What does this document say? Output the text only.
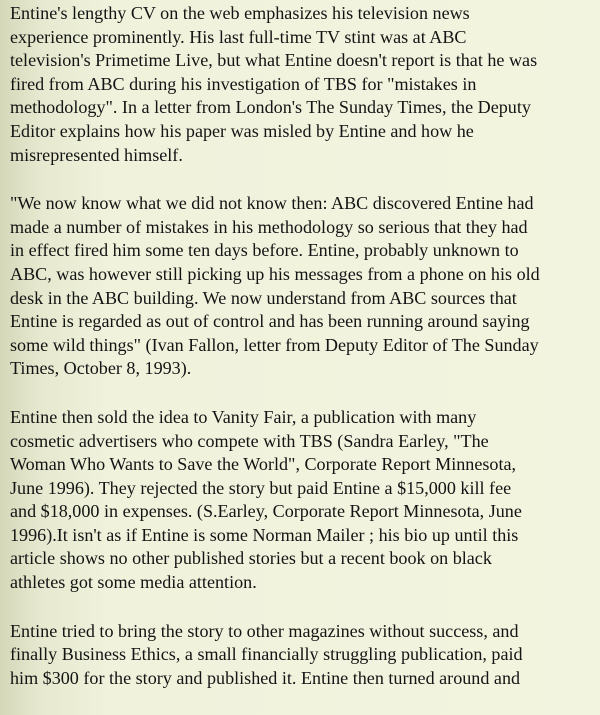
Entine's lengthy CV on the web emphasizes his television news
experience prominently. His last full-time TV stint was at ABC
television's Primetime Live, but what Entine doesn't report is that he was
fired from ABC during his investigation of TBS for "mistakes in
methodology". In a letter from London's The Sunday Times, the Deputy
Editor explains how his paper was misled by Entine and how he
misrepresented himself.

"We now know what we did not know then: ABC discovered Entine had
made a number of mistakes in his methodology so serious that they had
in effect fired him some ten days before. Entine, probably unknown to
ABC, was however still picking up his messages from a phone on his old
desk in the ABC building. We now understand from ABC sources that
Entine is regarded as out of control and has been running around saying
some wild things" (Ivan Fallon, letter from Deputy Editor of The Sunday
Times, October 8, 1993).

Entine then sold the idea to Vanity Fair, a publication with many
cosmetic advertisers who compete with TBS (Sandra Earley, "The
Woman Who Wants to Save the World", Corporate Report Minnesota,
June 1996). They rejected the story but paid Entine a $15,000 kill fee
and $18,000 in expenses. (S.Earley, Corporate Report Minnesota, June
1996).It isn't as if Entine is some Norman Mailer ; his bio up until this
article shows no other published stories but a recent book on black
athletes got some media attention.

Entine tried to bring the story to other magazines without success, and
finally Business Ethics, a small financially struggling publication, paid
him $300 for the story and published it. Entine then turned around and
